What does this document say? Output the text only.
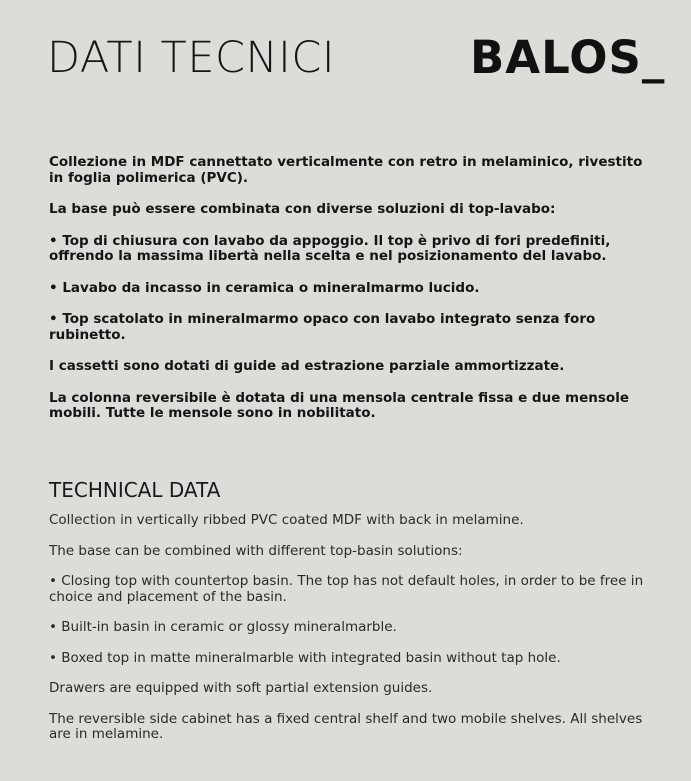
DATI TECNICI	BALOS_

Collezione in MDF cannettato verticalmente con retro in melaminico, rivestito in foglia polimerica (PVC).

La base può essere combinata con diverse soluzioni di top-lavabo:

• Top di chiusura con lavabo da appoggio. Il top è privo di fori predefiniti, offrendo la massima libertà nella scelta e nel posizionamento del lavabo.

• Lavabo da incasso in ceramica o mineralmarmo lucido.

• Top scatolato in mineralmarmo opaco con lavabo integrato senza foro rubinetto.

I cassetti sono dotati di guide ad estrazione parziale ammortizzate.

La colonna reversibile è dotata di una mensola centrale fissa e due mensole mobili. Tutte le mensole sono in nobilitato.

TECHNICAL DATA

Collection in vertically ribbed PVC coated MDF with back in melamine.

The base can be combined with different top-basin solutions:

• Closing top with countertop basin. The top has not default holes, in order to be free in choice and placement of the basin.

• Built-in basin in ceramic or glossy mineralmarble.

• Boxed top in matte mineralmarble with integrated basin without tap hole.

Drawers are equipped with soft partial extension guides.

The reversible side cabinet has a fixed central shelf and two mobile shelves. All shelves are in melamine.
